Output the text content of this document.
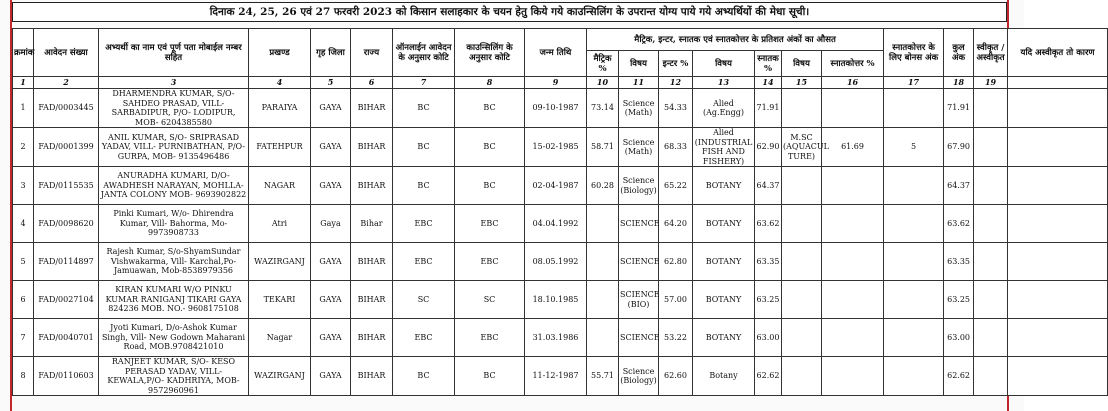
दिनाक 24, 25, 26 एवं 27 फरवरी 2023 को किसान सलाहकार के चयन हेतु किये गये काउन्सिलिंग के उपरान्त योग्य पाये गये अभ्यर्थियों की मेधा सूची।
क्रमांक	आवेदन संख्या	अभ्यर्थी का नाम एवं पूर्ण पता मोबाईल नम्बर सहित	प्रखण्ड	गृह जिला	राज्य	ऑनलाईन आवेदन के अनुसार कोटि	काउन्सिलिंग के अनुसार कोटि	जन्म तिथि	मैट्रिक, इन्टर, स्नातक एवं स्नातकोत्तर के प्रतिशत अंकों का औसत							स्नातकोत्तर के लिए बोनस अंक	कुल अंक	स्वीकृत /अस्वीकृत	यदि अस्वीकृत तो कारण
									मैट्रिक %	विषय	इन्टर %	विषय	स्नातक %	विषय	स्नातकोत्तर %				
1	2	3	4	5	6	7	8	9	10	11	12	13	14	15	16	17	18	19	
1	FAD/0003445	DHARMENDRA KUMAR, S/O- SAHDEO PRASAD, VILL- SARBADIPUR, P/O- LODIPUR, MOB- 6204385580	PARAIYA	GAYA	BIHAR	BC	BC	09-10-1987	73.14	Science (Math)	54.33	Alied (Ag.Engg)	71.91				71.91		
2	FAD/0001399	ANIL KUMAR, S/O- SRIPRASAD YADAV, VILL- PURNIBATHAN, P/O- GURPA, MOB- 9135496486	FATEHPUR	GAYA	BIHAR	BC	BC	15-02-1985	58.71	Science (Math)	68.33	Alied (INDUSTRIAL FISH AND FISHERY)	62.90	M.SC (AQUACUL TURE)	61.69	5	67.90		
3	FAD/0115535	ANURADHA KUMARI, D/O- AWADHESH NARAYAN, MOHLLA- JANTA COLONY MOB- 9693902822	NAGAR	GAYA	BIHAR	BC	BC	02-04-1987	60.28	Science (Biology)	65.22	BOTANY	64.37				64.37		
4	FAD/0098620	Pinki Kumari, W/o- Dhirendra Kumar, Vill- Bahorma, Mo- 9973908733	Atri	Gaya	Bihar	EBC	EBC	04.04.1992		SCIENCE	64.20	BOTANY	63.62				63.62		
5	FAD/0114897	Rajesh Kumar, S/o-ShyamSundar Vishwakarma, Vill- Karchal,Po- Jamuawan, Mob-8538979356	WAZIRGANJ	GAYA	BIHAR	EBC	EBC	08.05.1992		SCIENCE	62.80	BOTANY	63.35				63.35		
6	FAD/0027104	KIRAN KUMARI W/O PINKU KUMAR RANIGANJ TIKARI GAYA 824236 MOB. NO.- 9608175108	TEKARI	GAYA	BIHAR	SC	SC	18.10.1985		SCIENCE (BIO)	57.00	BOTANY	63.25				63.25		
7	FAD/0040701	Jyoti Kumari, D/o-Ashok Kumar Singh, Vill- New Godown Maharani Road, MOB.9708421010	Nagar	GAYA	BIHAR	EBC	EBC	31.03.1986		SCIENCE	53.22	BOTANY	63.00				63.00		
8	FAD/0110603	RANJEET KUMAR, S/O- KESO PERASAD YADAV, VILL- KEWALA,P/O- KADHRIYA, MOB- 9572960961	WAZIRGANJ	GAYA	BIHAR	BC	BC	11-12-1987	55.71	Science (Biology)	62.60	Botany	62.62				62.62		
